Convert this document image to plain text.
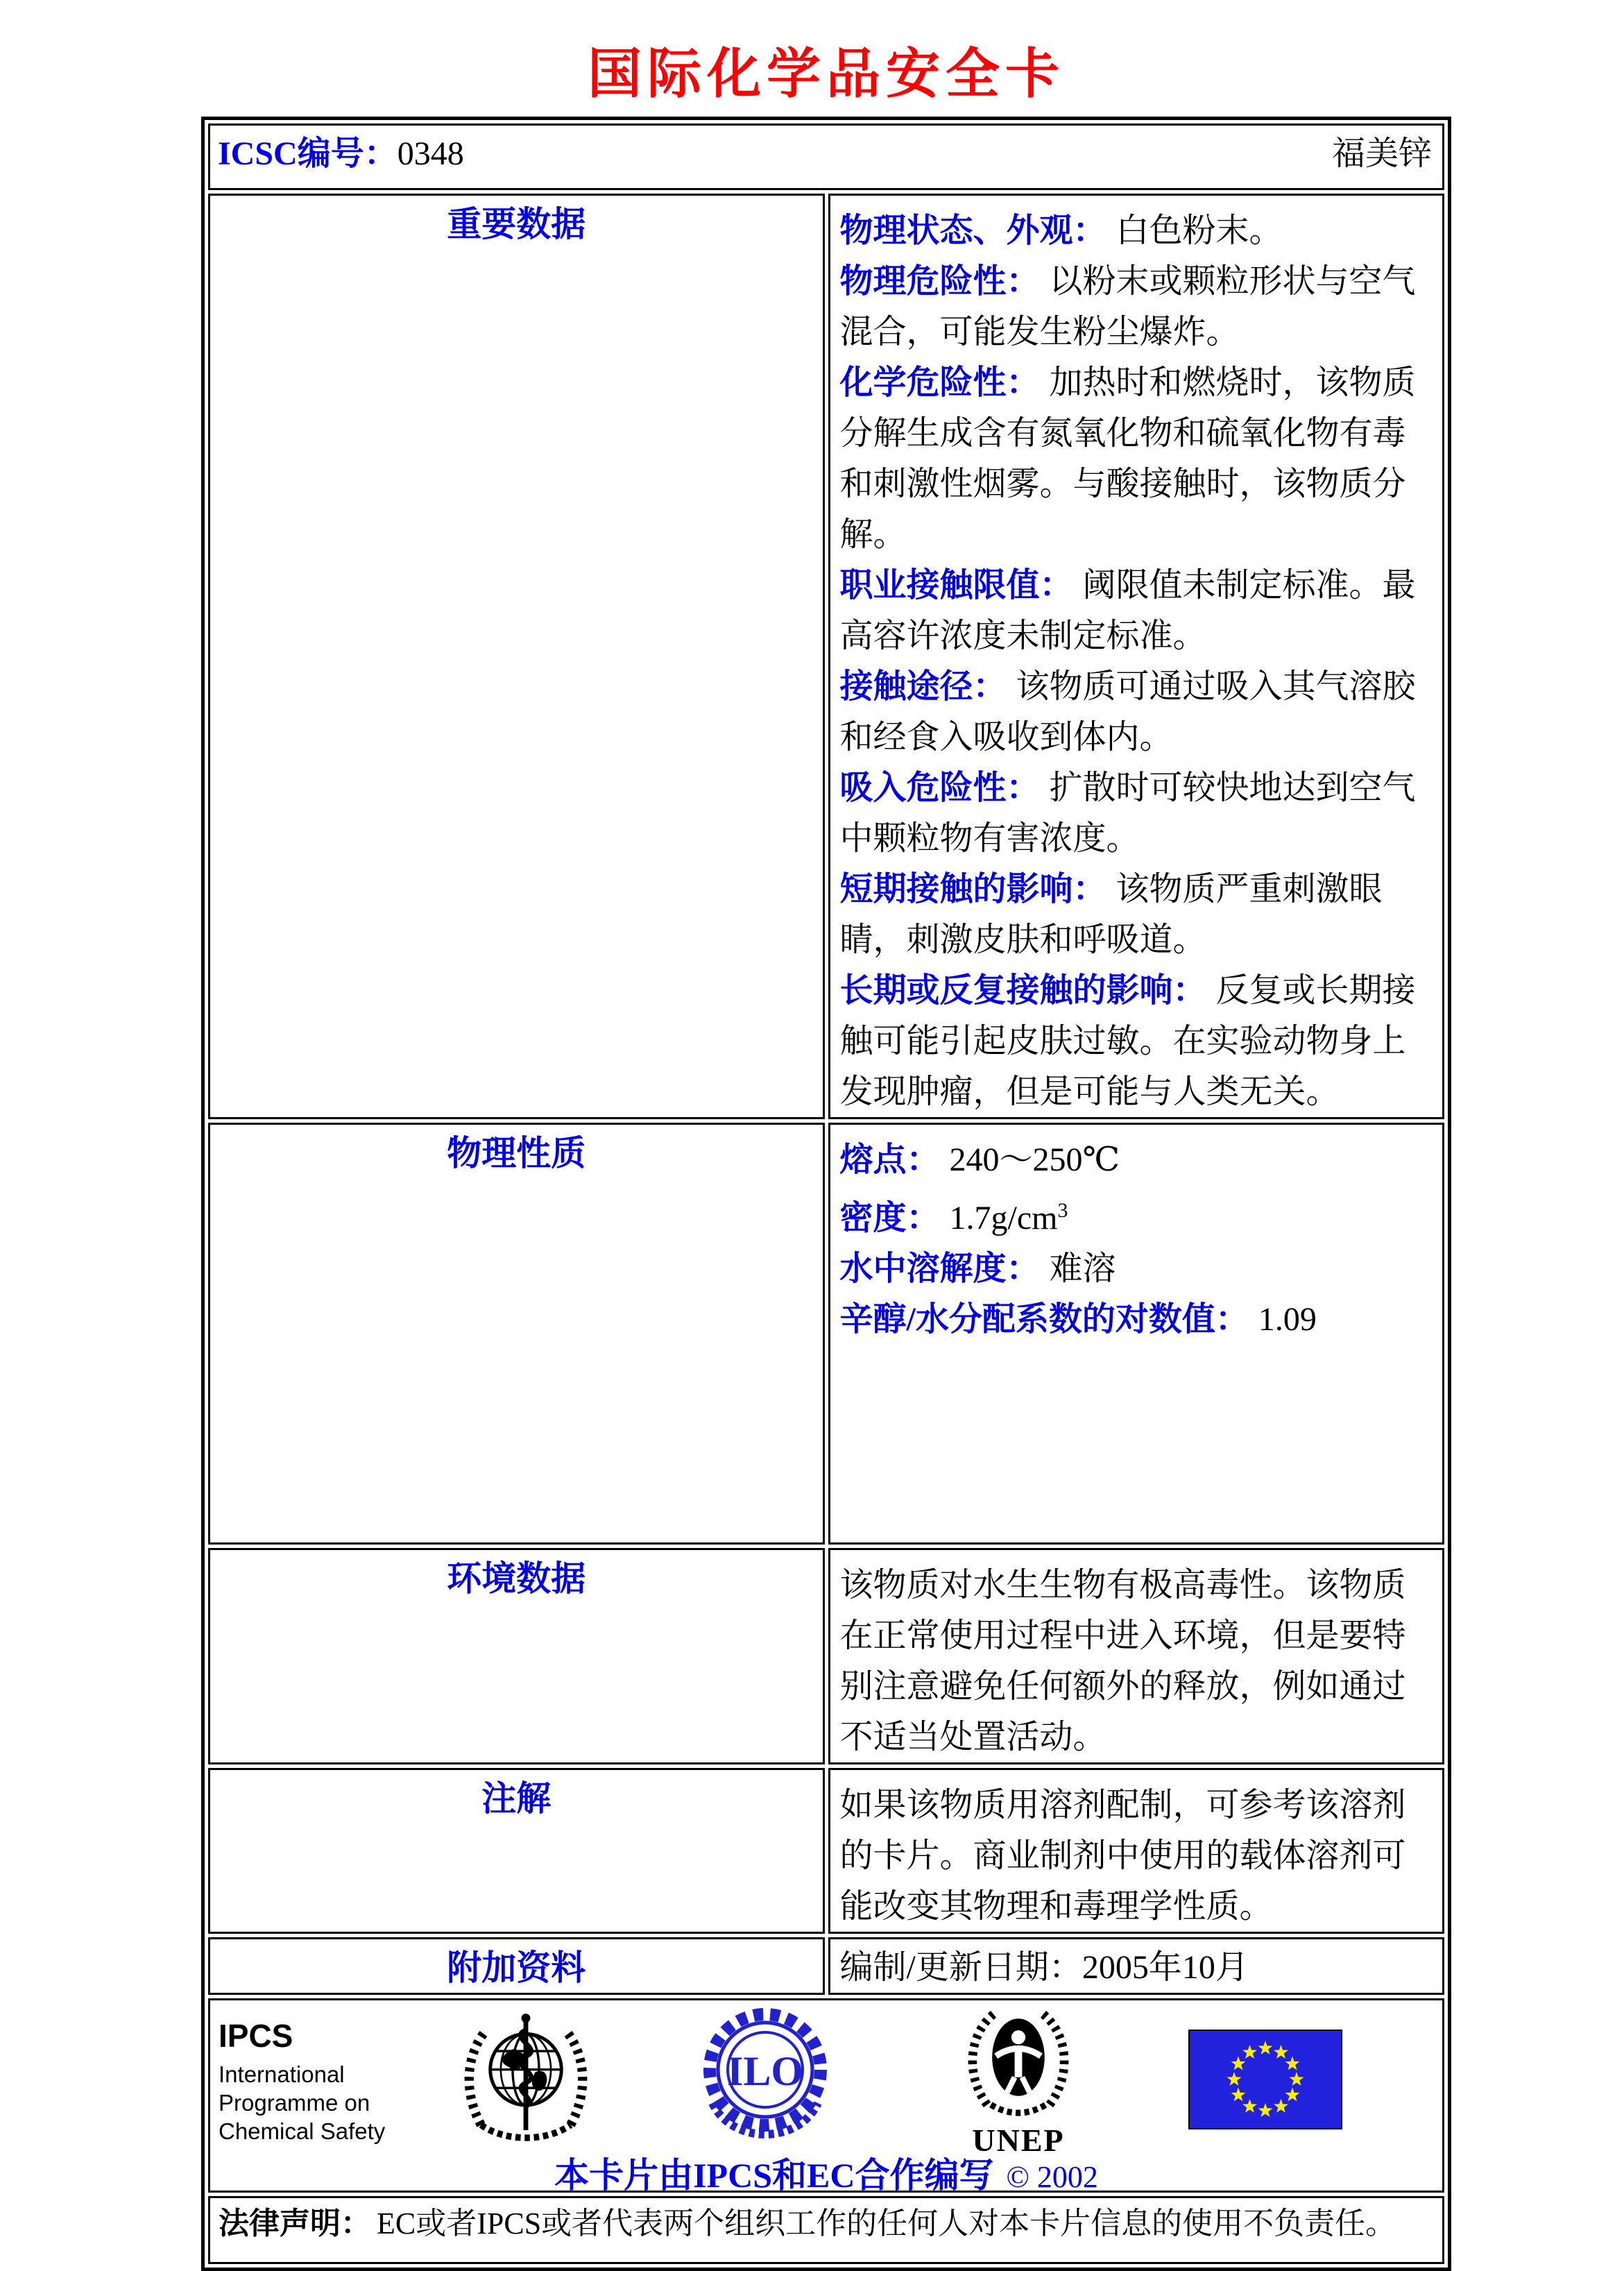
国际化学品安全卡
ICSC编号：0348 福美锌	

重要数据	物理状态、外观： 白色粉末。

物理危险性： 以粉末或颗粒形状与空气混合，可能发生粉尘爆炸。

化学危险性： 加热时和燃烧时，该物质分解生成含有氮氧化物和硫氧化物有毒和刺激性烟雾。与酸接触时，该物质分解。

职业接触限值： 阈限值未制定标准。最高容许浓度未制定标准。

接触途径： 该物质可通过吸入其气溶胶和经食入吸收到体内。

吸入危险性： 扩散时可较快地达到空气中颗粒物有害浓度。

短期接触的影响： 该物质严重刺激眼睛，刺激皮肤和呼吸道。

长期或反复接触的影响： 反复或长期接触可能引起皮肤过敏。在实验动物身上发现肿瘤，但是可能与人类无关。

物理性质	熔点： 240～250℃

密度： $1.7g/cm^3$

水中溶解度： 难溶

辛醇/水分配系数的对数值： 1.09

环境数据	该物质对水生生物有极高毒性。该物质在正常使用过程中进入环境，但是要特别注意避免任何额外的释放，例如通过不适当处置活动。

注解	如果该物质用溶剂配制，可参考该溶剂的卡片。商业制剂中使用的载体溶剂可能改变其物理和毒理学性质。

附加资料	编制/更新日期：2005年10月

IPCS
International
Programme on
Chemical Safety
ILO
UNEP
本卡片由IPCS和EC合作编写 © 2002

法律声明： EC或者IPCS或者代表两个组织工作的任何人对本卡片信息的使用不负责任。	
